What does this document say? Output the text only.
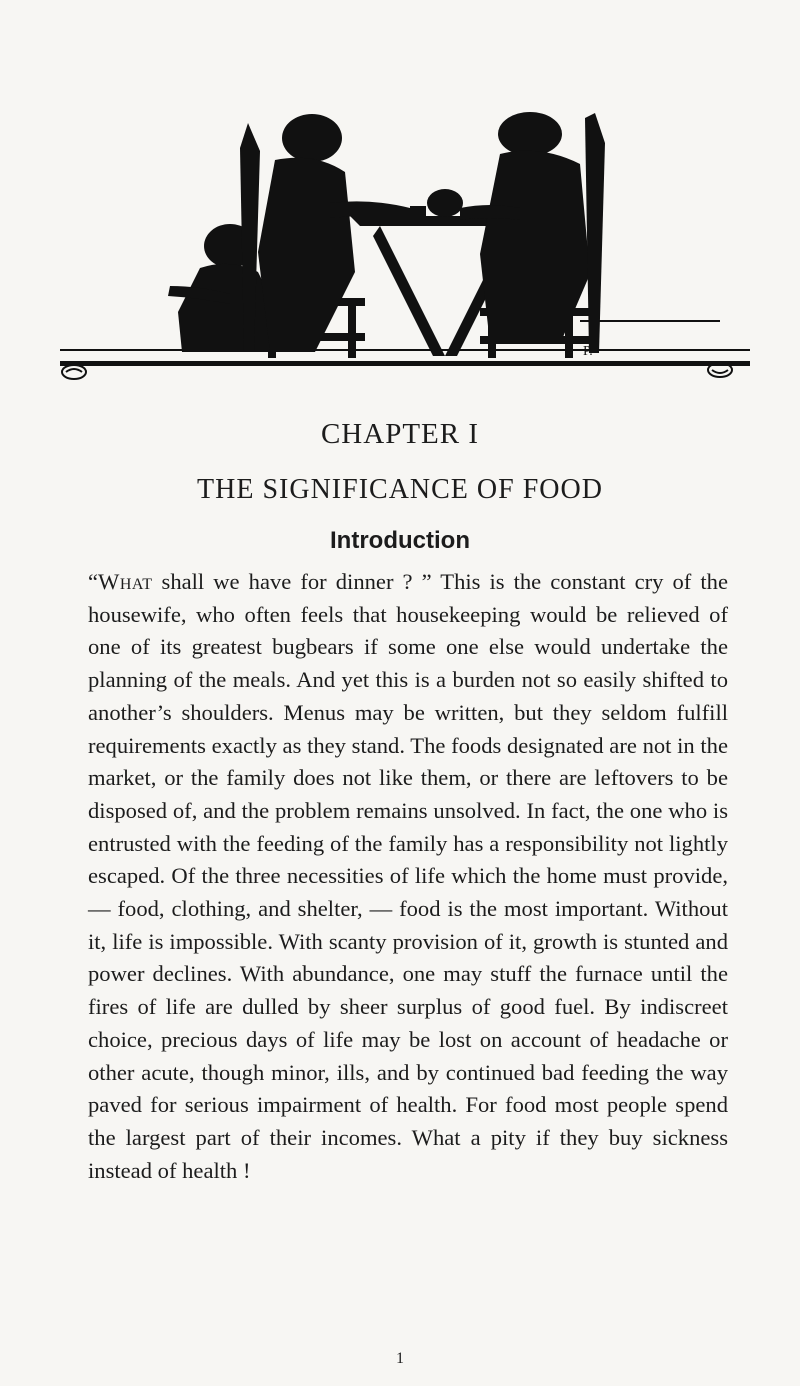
P.
CHAPTER I
THE SIGNIFICANCE OF FOOD
Introduction

“What shall we have for dinner ? ” This is the constant cry of the housewife, who often feels that housekeeping would be relieved of one of its greatest bugbears if some one else would undertake the planning of the meals. And yet this is a burden not so easily shifted to another’s shoulders. Menus may be written, but they seldom fulfill requirements exactly as they stand. The foods designated are not in the market, or the family does not like them, or there are leftovers to be disposed of, and the problem remains unsolved. In fact, the one who is entrusted with the feeding of the family has a responsibility not lightly escaped. Of the three necessities of life which the home must provide, — food, clothing, and shelter, — food is the most important. Without it, life is impossible. With scanty provision of it, growth is stunted and power declines. With abundance, one may stuff the furnace until the fires of life are dulled by sheer surplus of good fuel. By indiscreet choice, precious days of life may be lost on account of headache or other acute, though minor, ills, and by continued bad feeding the way paved for serious impairment of health. For food most people spend the largest part of their incomes. What a pity if they buy sickness instead of health !

1
